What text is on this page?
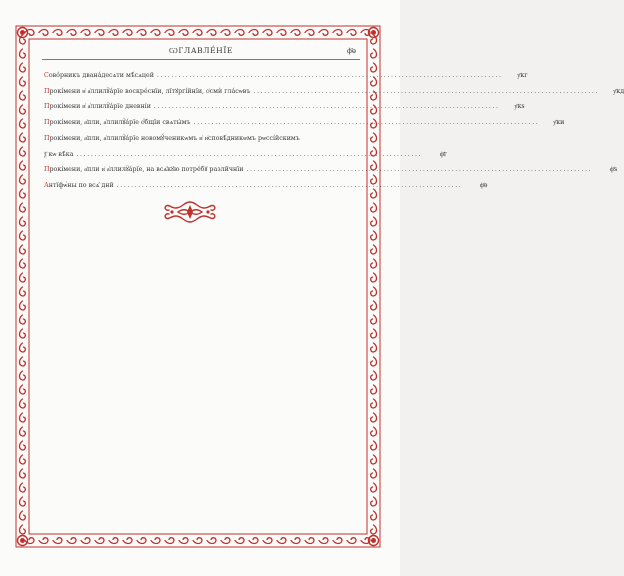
ѠГЛАВЛЕ́НЇЕ	ф҃ѳ
Сово́рникъ двана́десѧти мѣ́сѧцей ................................................................................................	у҃кг
Прокі́мени и҆ а҆ллилꙋ̈а́рїе воскре́снїи, лїтꙋргі́йнїи, ѻ҆смѝ гла́сѡвъ ................................................................................................	у҃кд
Прокі́мени и҆ а҆ллилꙋ̈а́рїе дневні́и ................................................................................................	у҃кѕ
Прокі́мени, а҆пли, а҆ллилꙋ̈а́рїе ѻ҆́бщїи свѧты́мъ ................................................................................................	у҃ки
Прокі́мени, а҆пли, а҆ллилꙋ̈а́рїе новомꙋ́ченикѡмъ и҆ и҆сповѣ́дникѡмъ рѡссі́йскимъ
ѯ҃ кѡ вѣ́ка ................................................................................................	ф҃г
Прокі́мени, а҆пли и҆ а҆ллилꙋ̈а́рїе, на всѧ̑кꙋю потре́бꙋ разли̑чнїи ................................................................................................	ф҃ѕ
Антїфѡ́ны по всѧ̑ дни̑ ................................................................................................	ф҃ѳ
